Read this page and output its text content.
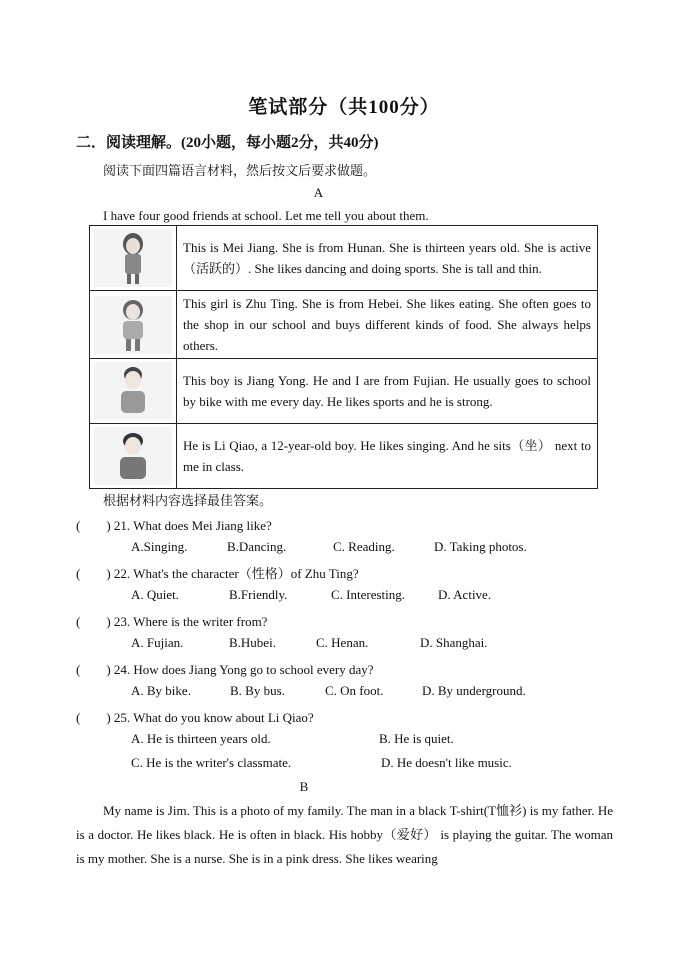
笔试部分（共100分）
二．阅读理解。(20小题，每小题2分，共40分)
阅读下面四篇语言材料，然后按文后要求做题。
A
I have four good friends at school. Let me tell you about them.
	This is Mei Jiang. She is from Hunan. She is thirteen years old. She is active（活跃的）. She likes dancing and doing sports. She is tall and thin.

	This girl is Zhu Ting. She is from Hebei. She likes eating. She often goes to the shop in our school and buys different kinds of food. She always helps others.

	This boy is Jiang Yong. He and I are from Fujian. He usually goes to school by bike with me every day. He likes sports and he is strong.

	He is Li Qiao, a 12-year-old boy. He likes singing. And he sits（坐） next to me in class.
根据材料内容选择最佳答案。
(　　) 21. What does Mei Jiang like?
A.Singing.	B.Dancing.	C. Reading.	D. Taking photos.
(　　) 22. What's the character（性格）of Zhu Ting?
A. Quiet.	B.Friendly.	C. Interesting.	D. Active.
(　　) 23. Where is the writer from?
A. Fujian.	B.Hubei.	C. Henan.	D. Shanghai.
(　　) 24. How does Jiang Yong go to school every day?
A. By bike.	B. By bus.	C. On foot.	D. By underground.
(　　) 25. What do you know about Li Qiao?
A. He is thirteen years old.	B. He is quiet.
C. He is the writer's classmate.	D. He doesn't like music.
B
My name is Jim. This is a photo of my family. The man in a black T-shirt(T恤衫) is my father. He is a doctor. He likes black. He is often in black. His hobby（爱好） is playing the guitar. The woman is my mother. She is a nurse. She is in a pink dress. She likes wearing
